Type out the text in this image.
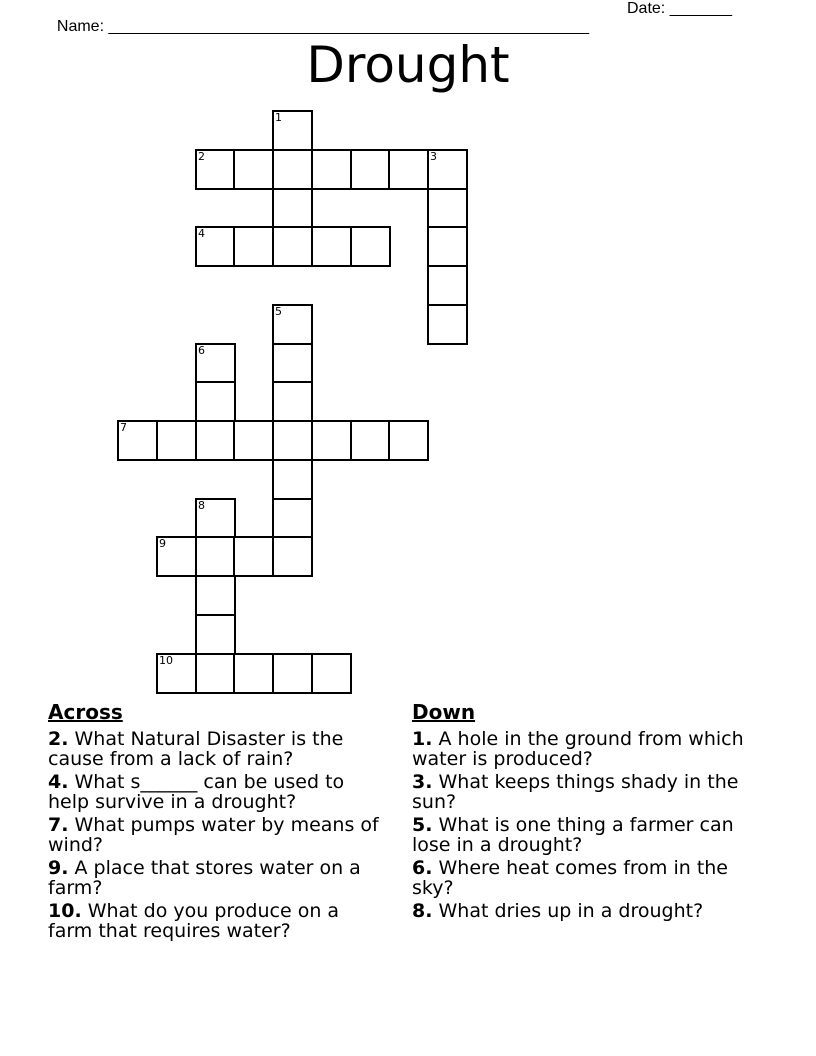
Name: ______________________________________________________

Date: _______

Drought
1
2	3
4
5
6
7
8
9
10
Across
2. What Natural Disaster is the cause from a lack of rain?
4. What s______ can be used to help survive in a drought?
7. What pumps water by means of wind?
9. A place that stores water on a farm?
10. What do you produce on a farm that requires water?
Down
1. A hole in the ground from which water is produced?
3. What keeps things shady in the sun?
5. What is one thing a farmer can lose in a drought?
6. Where heat comes from in the sky?
8. What dries up in a drought?
